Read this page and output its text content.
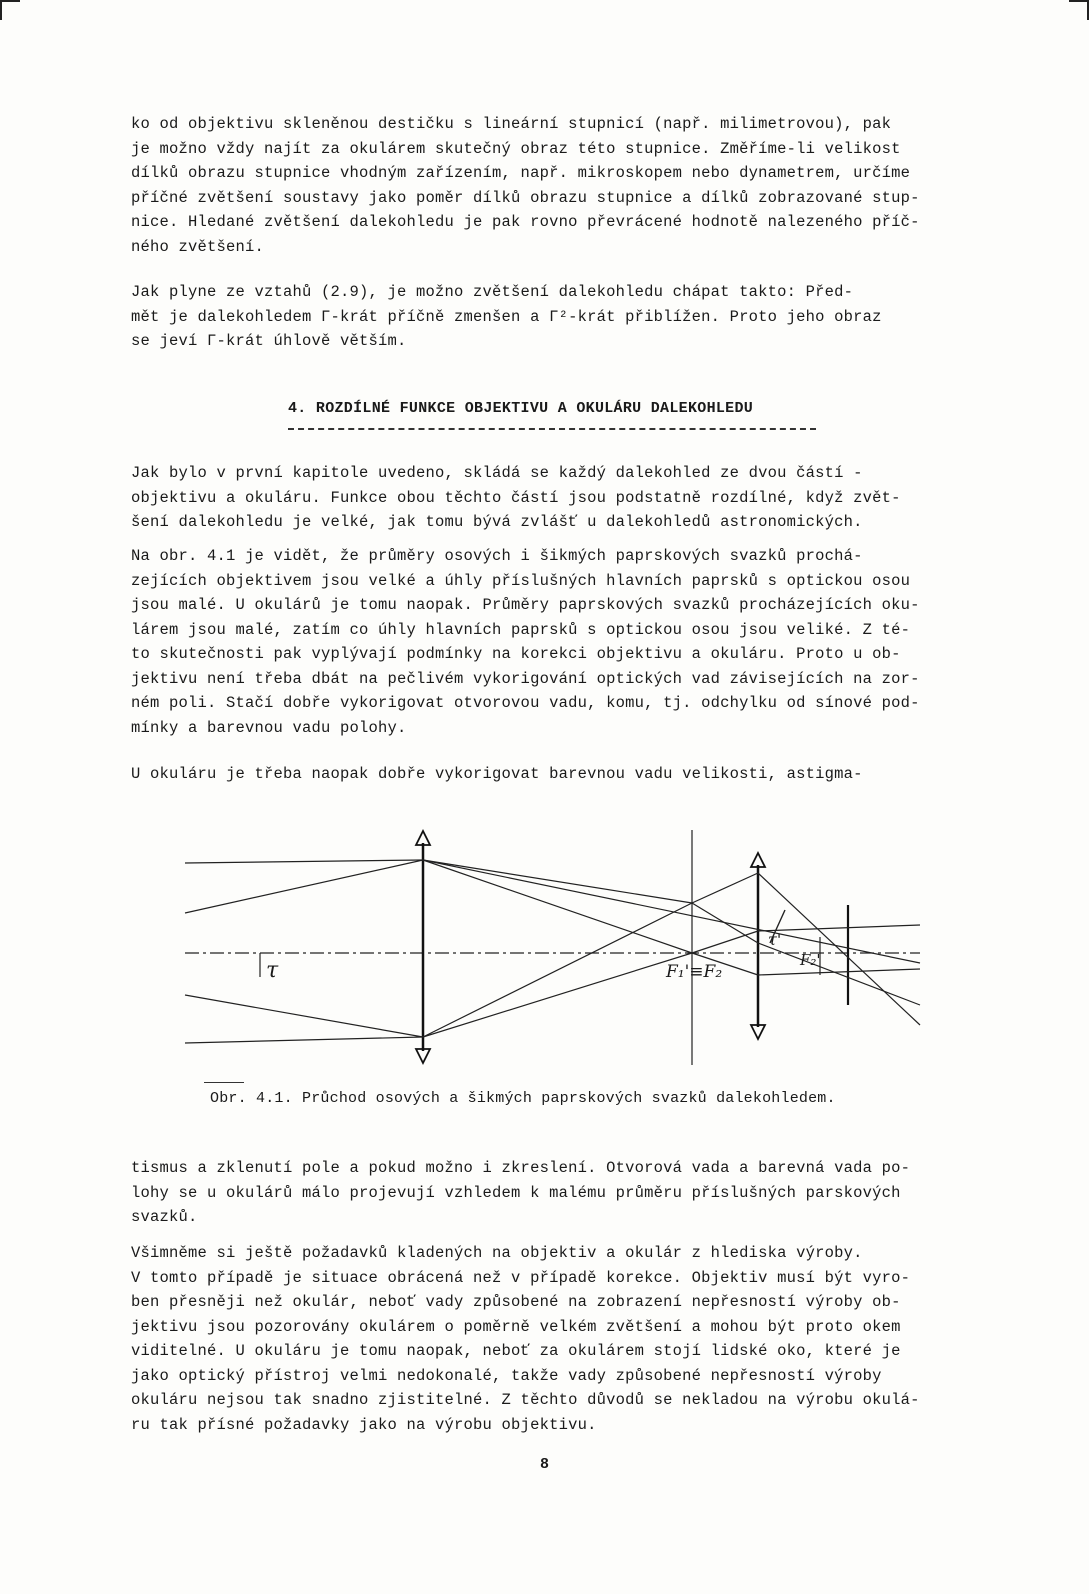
ko od objektivu skleněnou destičku s lineární stupnicí (např. milimetrovou), pak
je možno vždy najít za okulárem skutečný obraz této stupnice. Změříme-li velikost
dílků obrazu stupnice vhodným zařízením, např. mikroskopem nebo dynametrem, určíme
příčné zvětšení soustavy jako poměr dílků obrazu stupnice a dílků zobrazované stup-
nice. Hledané zvětšení dalekohledu je pak rovno převrácené hodnotě nalezeného příč-
ného zvětšení.
Jak plyne ze vztahů (2.9), je možno zvětšení dalekohledu chápat takto: Před-
mět je dalekohledem Γ-krát příčně zmenšen a Γ²-krát přiblížen. Proto jeho obraz
se jeví Γ-krát úhlově větším.
4. ROZDÍLNÉ FUNKCE OBJEKTIVU A OKULÁRU DALEKOHLEDU
Jak bylo v první kapitole uvedeno, skládá se každý dalekohled ze dvou částí -
objektivu a okuláru. Funkce obou těchto částí jsou podstatně rozdílné, když zvět-
šení dalekohledu je velké, jak tomu bývá zvlášť u dalekohledů astronomických.
Na obr. 4.1 je vidět, že průměry osových i šikmých paprskových svazků prochá-
zejících objektivem jsou velké a úhly příslušných hlavních paprsků s optickou osou
jsou malé. U okulárů je tomu naopak. Průměry paprskových svazků procházejících oku-
lárem jsou malé, zatím co úhly hlavních paprsků s optickou osou jsou veliké. Z té-
to skutečnosti pak vyplývají podmínky na korekci objektivu a okuláru. Proto u ob-
jektivu není třeba dbát na pečlivém vykorigování optických vad závisejících na zor-
ném poli. Stačí dobře vykorigovat otvorovou vadu, komu, tj. odchylku od sínové pod-
mínky a barevnou vadu polohy.
U okuláru je třeba naopak dobře vykorigovat barevnou vadu velikosti, astigma-
τ
τ'
F₁'≡F₂
F₂'
Obr. 4.1. Průchod osových a šikmých paprskových svazků dalekohledem.
tismus a zklenutí pole a pokud možno i zkreslení. Otvorová vada a barevná vada po-
lohy se u okulárů málo projevují vzhledem k malému průměru příslušných parskových
svazků.
Všimněme si ještě požadavků kladených na objektiv a okulár z hlediska výroby.
V tomto případě je situace obrácená než v případě korekce. Objektiv musí být vyro-
ben přesněji než okulár, neboť vady způsobené na zobrazení nepřesností výroby ob-
jektivu jsou pozorovány okulárem o poměrně velkém zvětšení a mohou být proto okem
viditelné. U okuláru je tomu naopak, neboť za okulárem stojí lidské oko, které je
jako optický přístroj velmi nedokonalé, takže vady způsobené nepřesností výroby
okuláru nejsou tak snadno zjistitelné. Z těchto důvodů se nekladou na výrobu okulá-
ru tak přísné požadavky jako na výrobu objektivu.
8
